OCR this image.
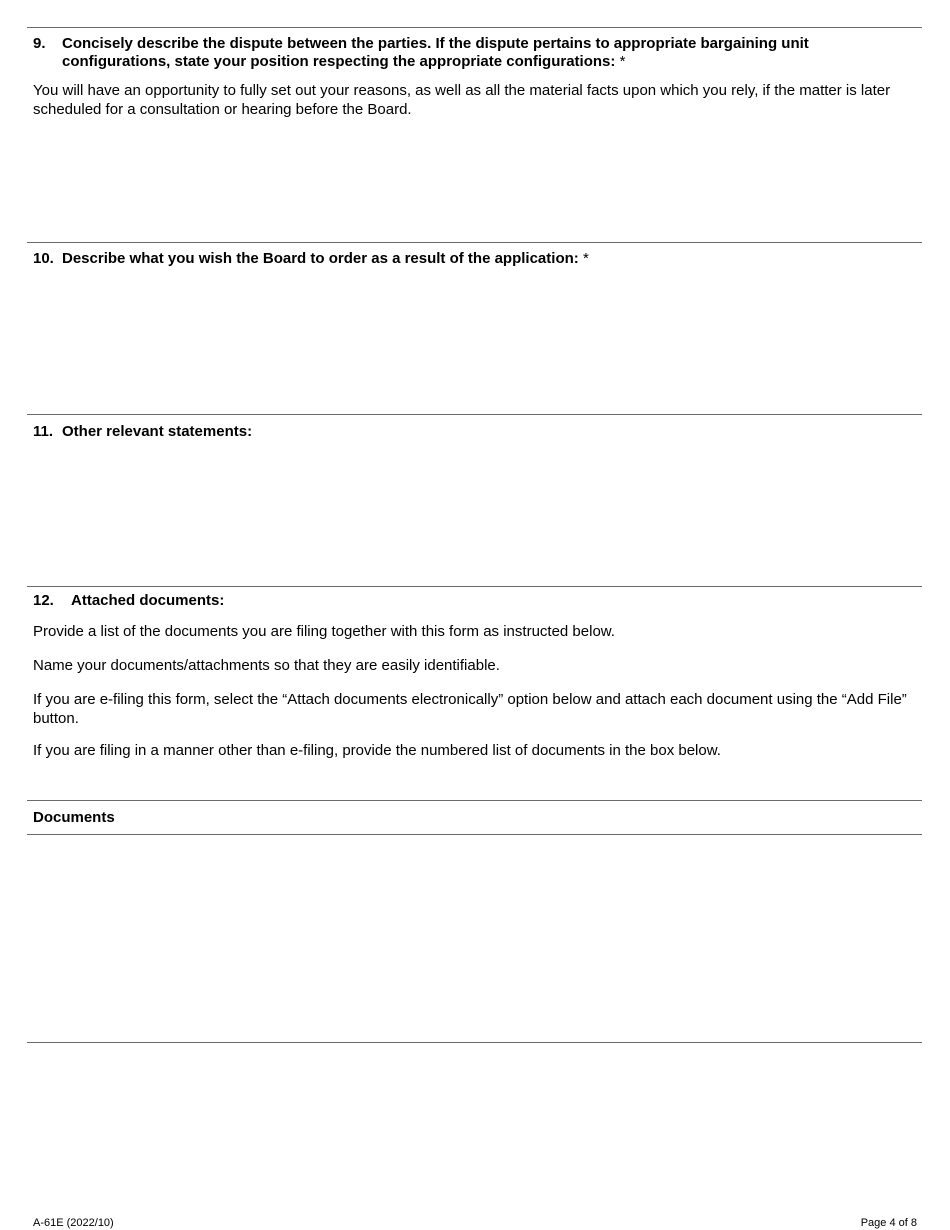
9. Concisely describe the dispute between the parties. If the dispute pertains to appropriate bargaining unit
configurations, state your position respecting the appropriate configurations: *
You will have an opportunity to fully set out your reasons, as well as all the material facts upon which you rely, if the matter is later scheduled for a consultation or hearing before the Board.
10. Describe what you wish the Board to order as a result of the application: *
11. Other relevant statements:
12. Attached documents:
Provide a list of the documents you are filing together with this form as instructed below.
Name your documents/attachments so that they are easily identifiable.
If you are e-filing this form, select the “Attach documents electronically” option below and attach each document using the “Add File” button.
If you are filing in a manner other than e-filing, provide the numbered list of documents in the box below.
Documents
A-61E (2022/10)	Page 4 of 8
